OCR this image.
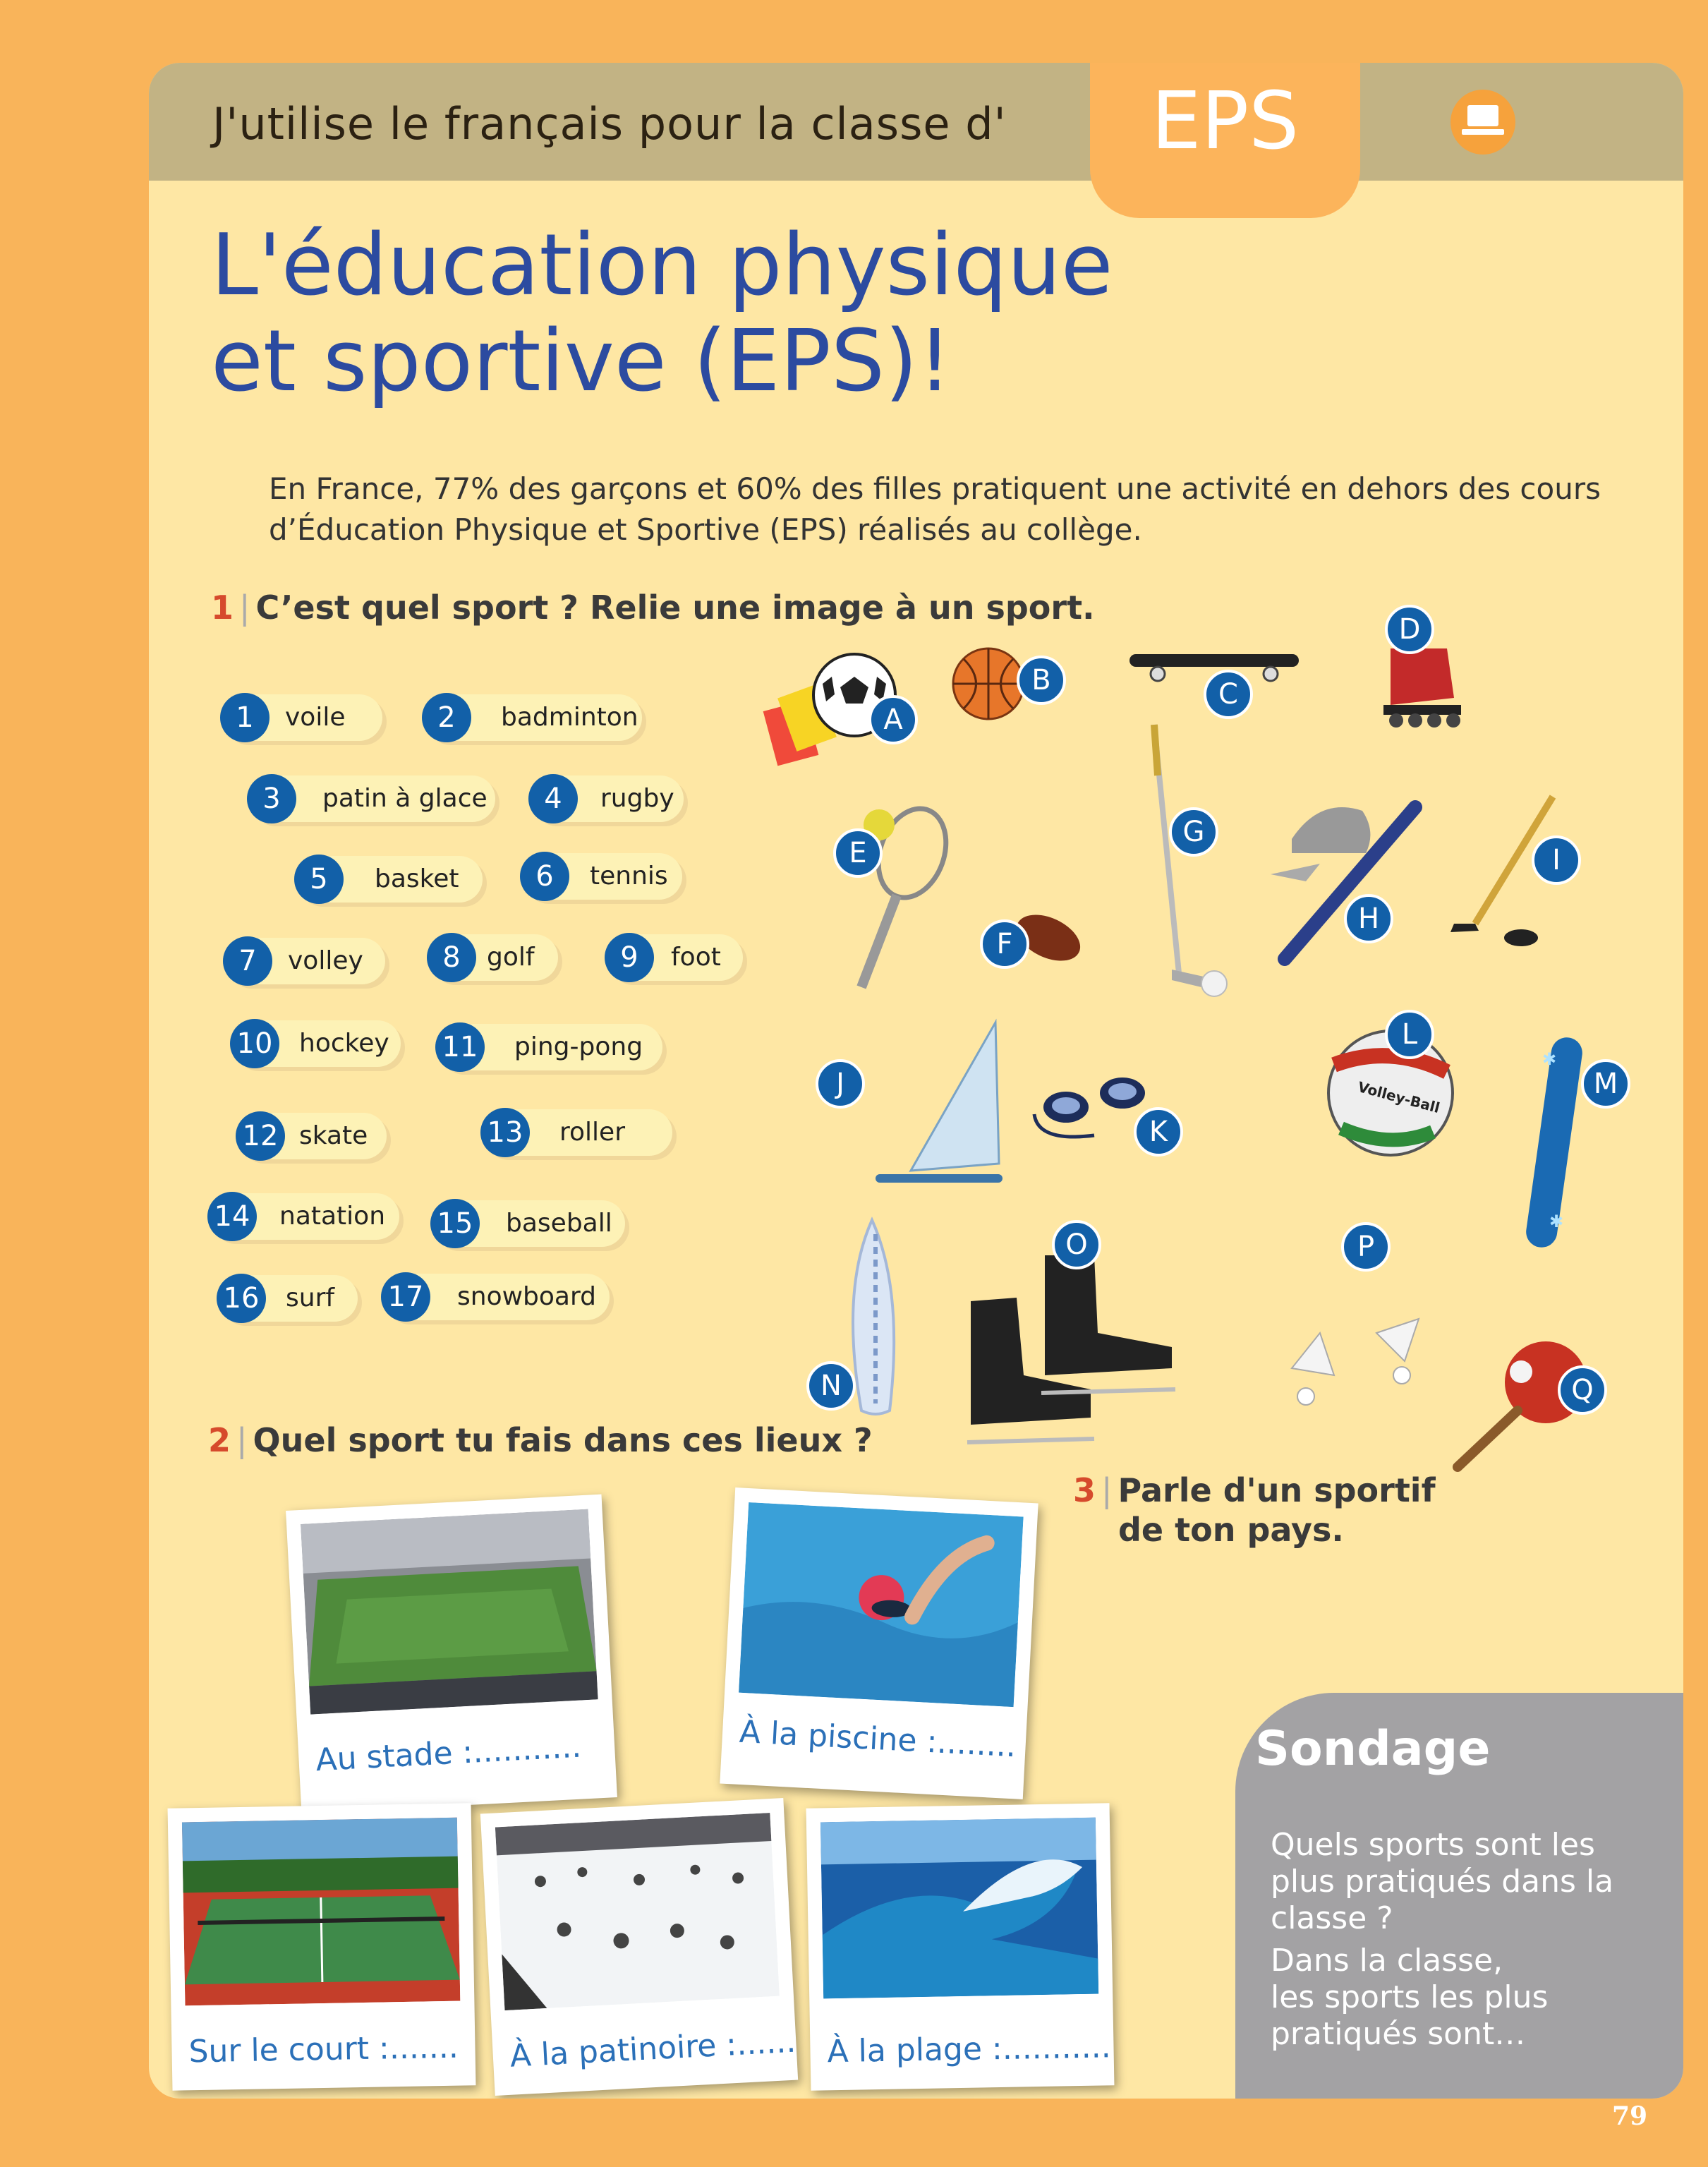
J'utilise le français pour la classe d'	EPS
L'éducation physique
et sportive (EPS)!
En France, 77% des garçons et 60% des filles pratiquent une activité en dehors des cours
d’Éducation Physique et Sportive (EPS) réalisés au collège.
1 | C’est quel sport ? Relie une image à un sport.
1	voile	2	badminton
3	patin à glace	4	rugby
5	basket	6	tennis
7	volley	8	golf	9	foot
10 hockey 11 ping-pong
12 skate	13 roller
14 natation 15 baseball
16 surf 17 snowboard
Volley-Ball
✱
✱
A
B	C
D
E
F
G
H
I
J
K
L
M
N
O	P
Q
2 | Quel sport tu fais dans ces lieux ?
3 | Parle d'un sportif
de ton pays.
Au stade :...........	À la piscine :........
Sur le court :....... À la patinoire :...... À la plage :...........
Sondage
Quels sports sont les plus pratiqués dans la classe ?
Dans la classe,
les sports les plus
pratiqués sont…
79
